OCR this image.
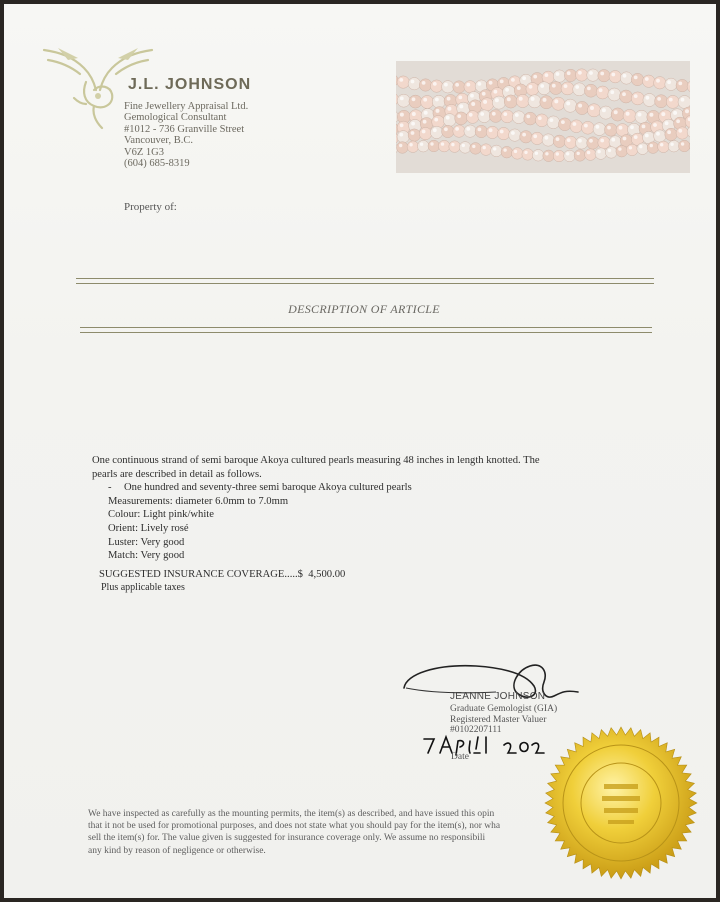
J.L. JOHNSON
Fine Jewellery Appraisal Ltd.
Gemological Consultant
#1012 - 736 Granville Street
Vancouver, B.C.
V6Z 1G3
(604) 685-8319
Property of:
DESCRIPTION OF ARTICLE
One continuous strand of semi baroque Akoya cultured pearls measuring 48 inches in length knotted. The
pearls are described in detail as follows.
- One hundred and seventy-three semi baroque Akoya cultured pearls
Measurements: diameter 6.0mm to 7.0mm
Colour: Light pink/white
Orient: Lively rosé
Luster: Very good
Match: Very good
SUGGESTED INSURANCE COVERAGE.....$ 4,500.00
Plus applicable taxes
JEANNE JOHNSON
Graduate Gemologist (GIA)
Registered Master Valuer
#0102207111
Date
We have inspected as carefully as the mounting permits, the item(s) as described, and have issued this opin
that it not be used for promotional purposes, and does not state what you should pay for the item(s), nor wha
sell the item(s) for. The value given is suggested for insurance coverage only. We assume no responsibili
any kind by reason of negligence or otherwise.
